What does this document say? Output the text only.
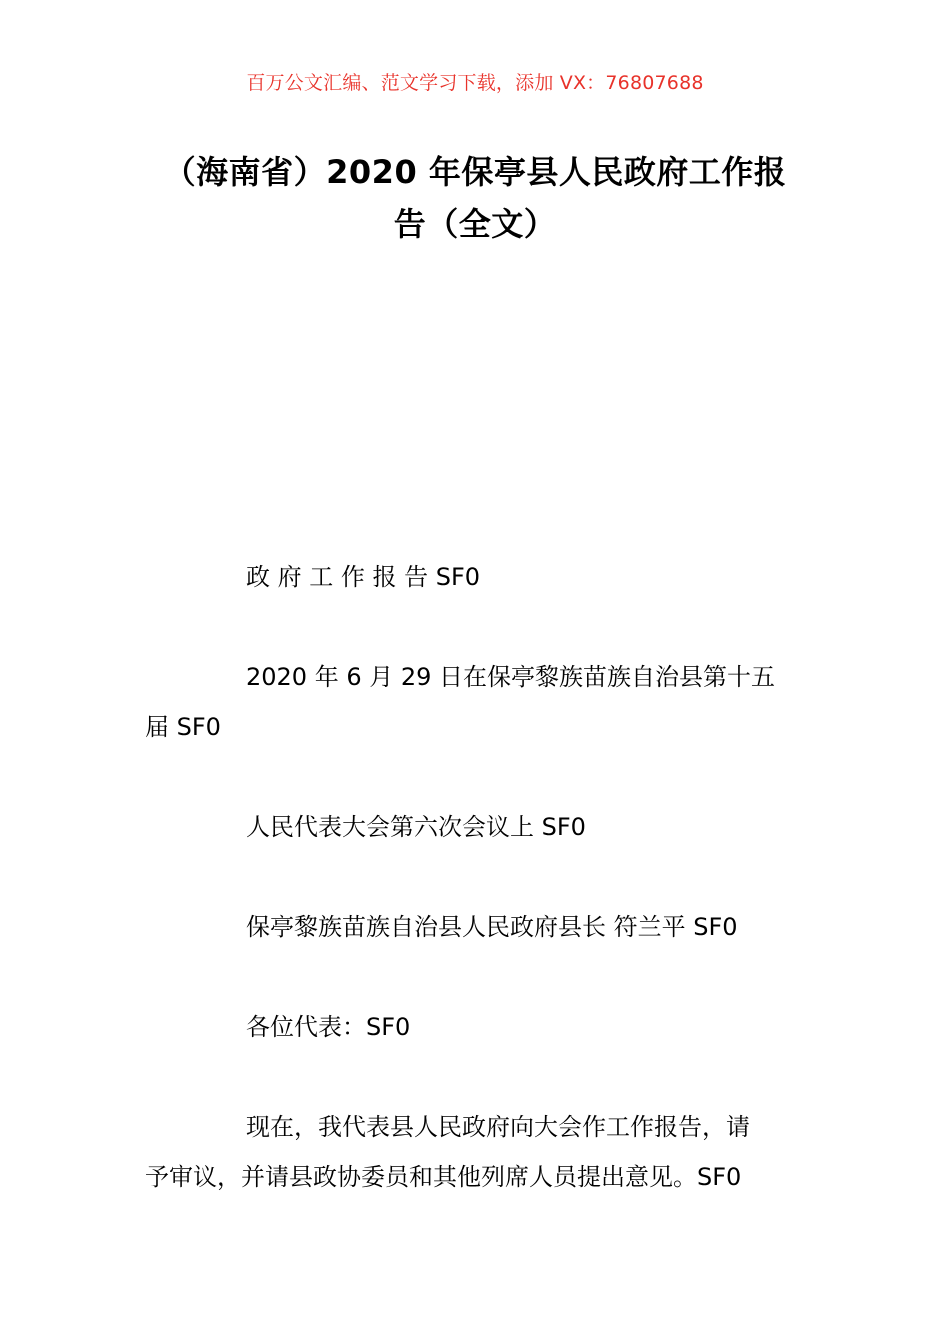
百万公文汇编、范文学习下载，添加 VX：76807688
（海南省）2020 年保亭县人民政府工作报
告（全文）

政 府 工 作 报 告 SF0

2020 年 6 月 29 日在保亭黎族苗族自治县第十五
届 SF0

人民代表大会第六次会议上 SF0

保亭黎族苗族自治县人民政府县长 符兰平 SF0

各位代表：SF0

现在，我代表县人民政府向大会作工作报告，请
予审议，并请县政协委员和其他列席人员提出意见。SF0
